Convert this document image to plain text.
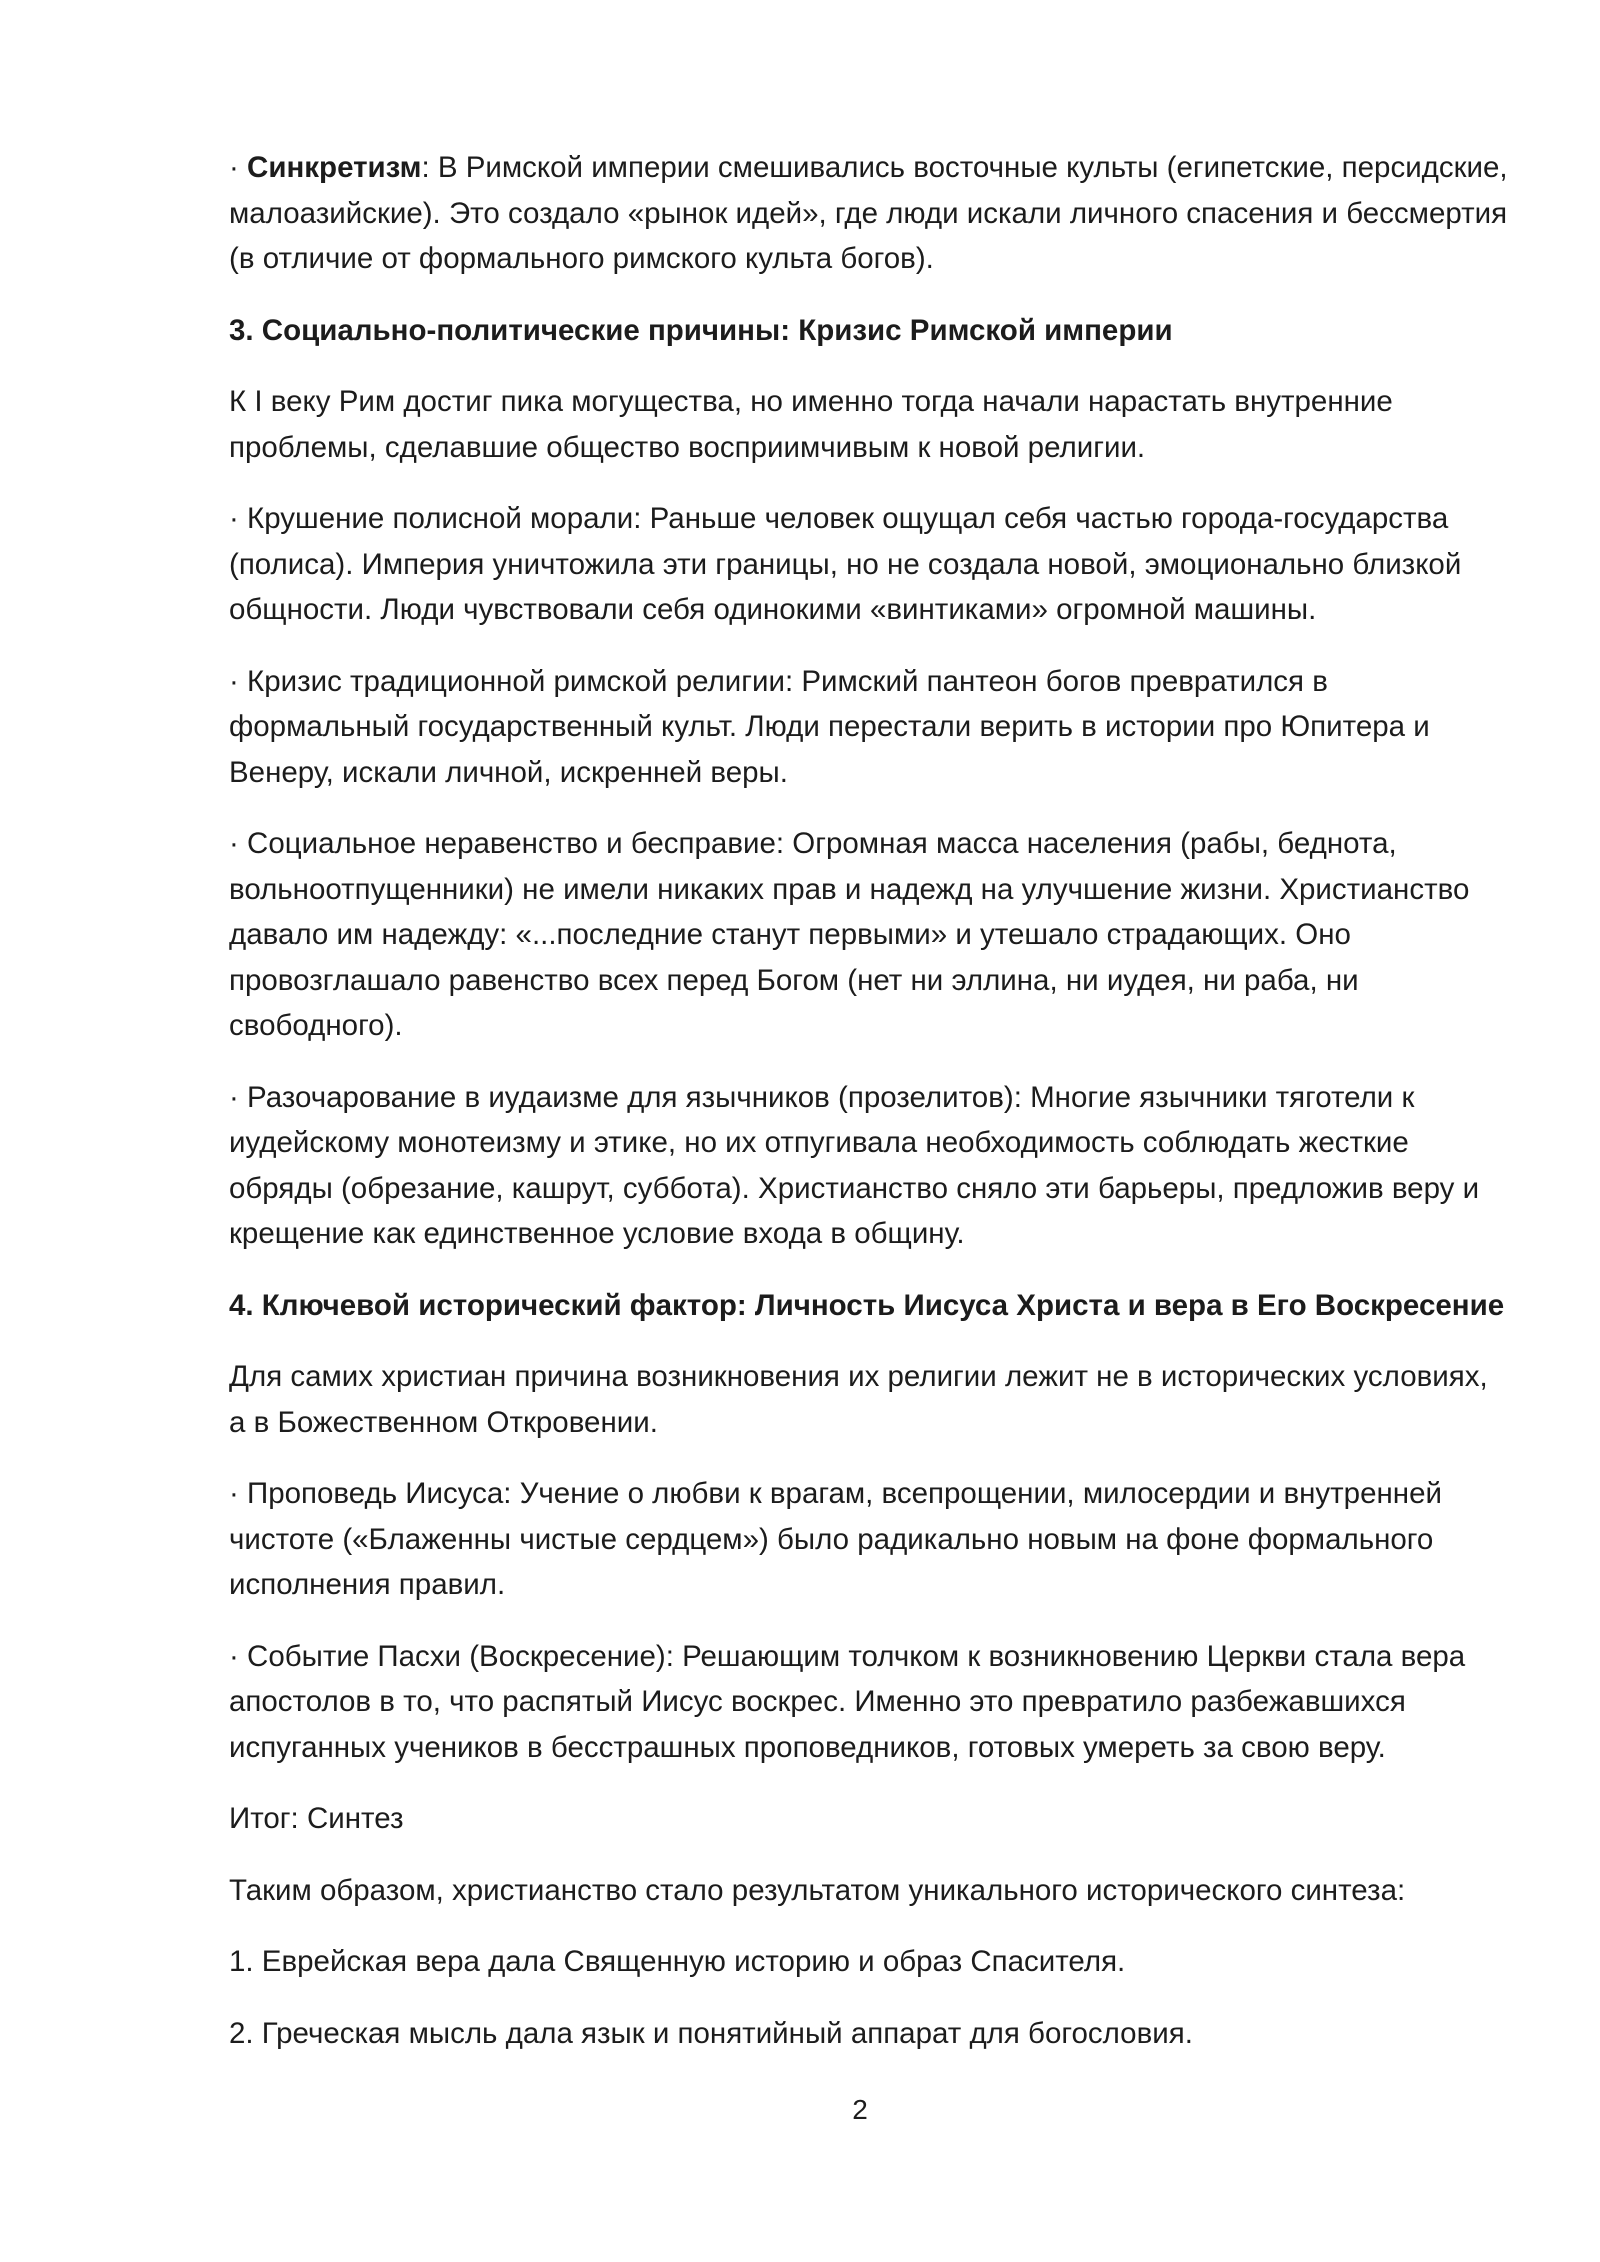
· Синкретизм: В Римской империи смешивались восточные культы (египетские, персидские, малоазийские). Это создало «рынок идей», где люди искали личного спасения и бессмертия (в отличие от формального римского культа богов).

3. Социально-политические причины: Кризис Римской империи

К I веку Рим достиг пика могущества, но именно тогда начали нарастать внутренние проблемы, сделавшие общество восприимчивым к новой религии.

· Крушение полисной морали: Раньше человек ощущал себя частью города-государства (полиса). Империя уничтожила эти границы, но не создала новой, эмоционально близкой общности. Люди чувствовали себя одинокими «винтиками» огромной машины.

· Кризис традиционной римской религии: Римский пантеон богов превратился в формальный государственный культ. Люди перестали верить в истории про Юпитера и Венеру, искали личной, искренней веры.

· Социальное неравенство и бесправие: Огромная масса населения (рабы, беднота, вольноотпущенники) не имели никаких прав и надежд на улучшение жизни. Христианство давало им надежду: «...последние станут первыми» и утешало страдающих. Оно провозглашало равенство всех перед Богом (нет ни эллина, ни иудея, ни раба, ни свободного).

· Разочарование в иудаизме для язычников (прозелитов): Многие язычники тяготели к иудейскому монотеизму и этике, но их отпугивала необходимость соблюдать жесткие обряды (обрезание, кашрут, суббота). Христианство сняло эти барьеры, предложив веру и крещение как единственное условие входа в общину.

4. Ключевой исторический фактор: Личность Иисуса Христа и вера в Его Воскресение

Для самих христиан причина возникновения их религии лежит не в исторических условиях, а в Божественном Откровении.

· Проповедь Иисуса: Учение о любви к врагам, всепрощении, милосердии и внутренней чистоте («Блаженны чистые сердцем») было радикально новым на фоне формального исполнения правил.

· Событие Пасхи (Воскресение): Решающим толчком к возникновению Церкви стала вера апостолов в то, что распятый Иисус воскрес. Именно это превратило разбежавшихся испуганных учеников в бесстрашных проповедников, готовых умереть за свою веру.

Итог: Синтез

Таким образом, христианство стало результатом уникального исторического синтеза:

1. Еврейская вера дала Священную историю и образ Спасителя.

2. Греческая мысль дала язык и понятийный аппарат для богословия.

2
